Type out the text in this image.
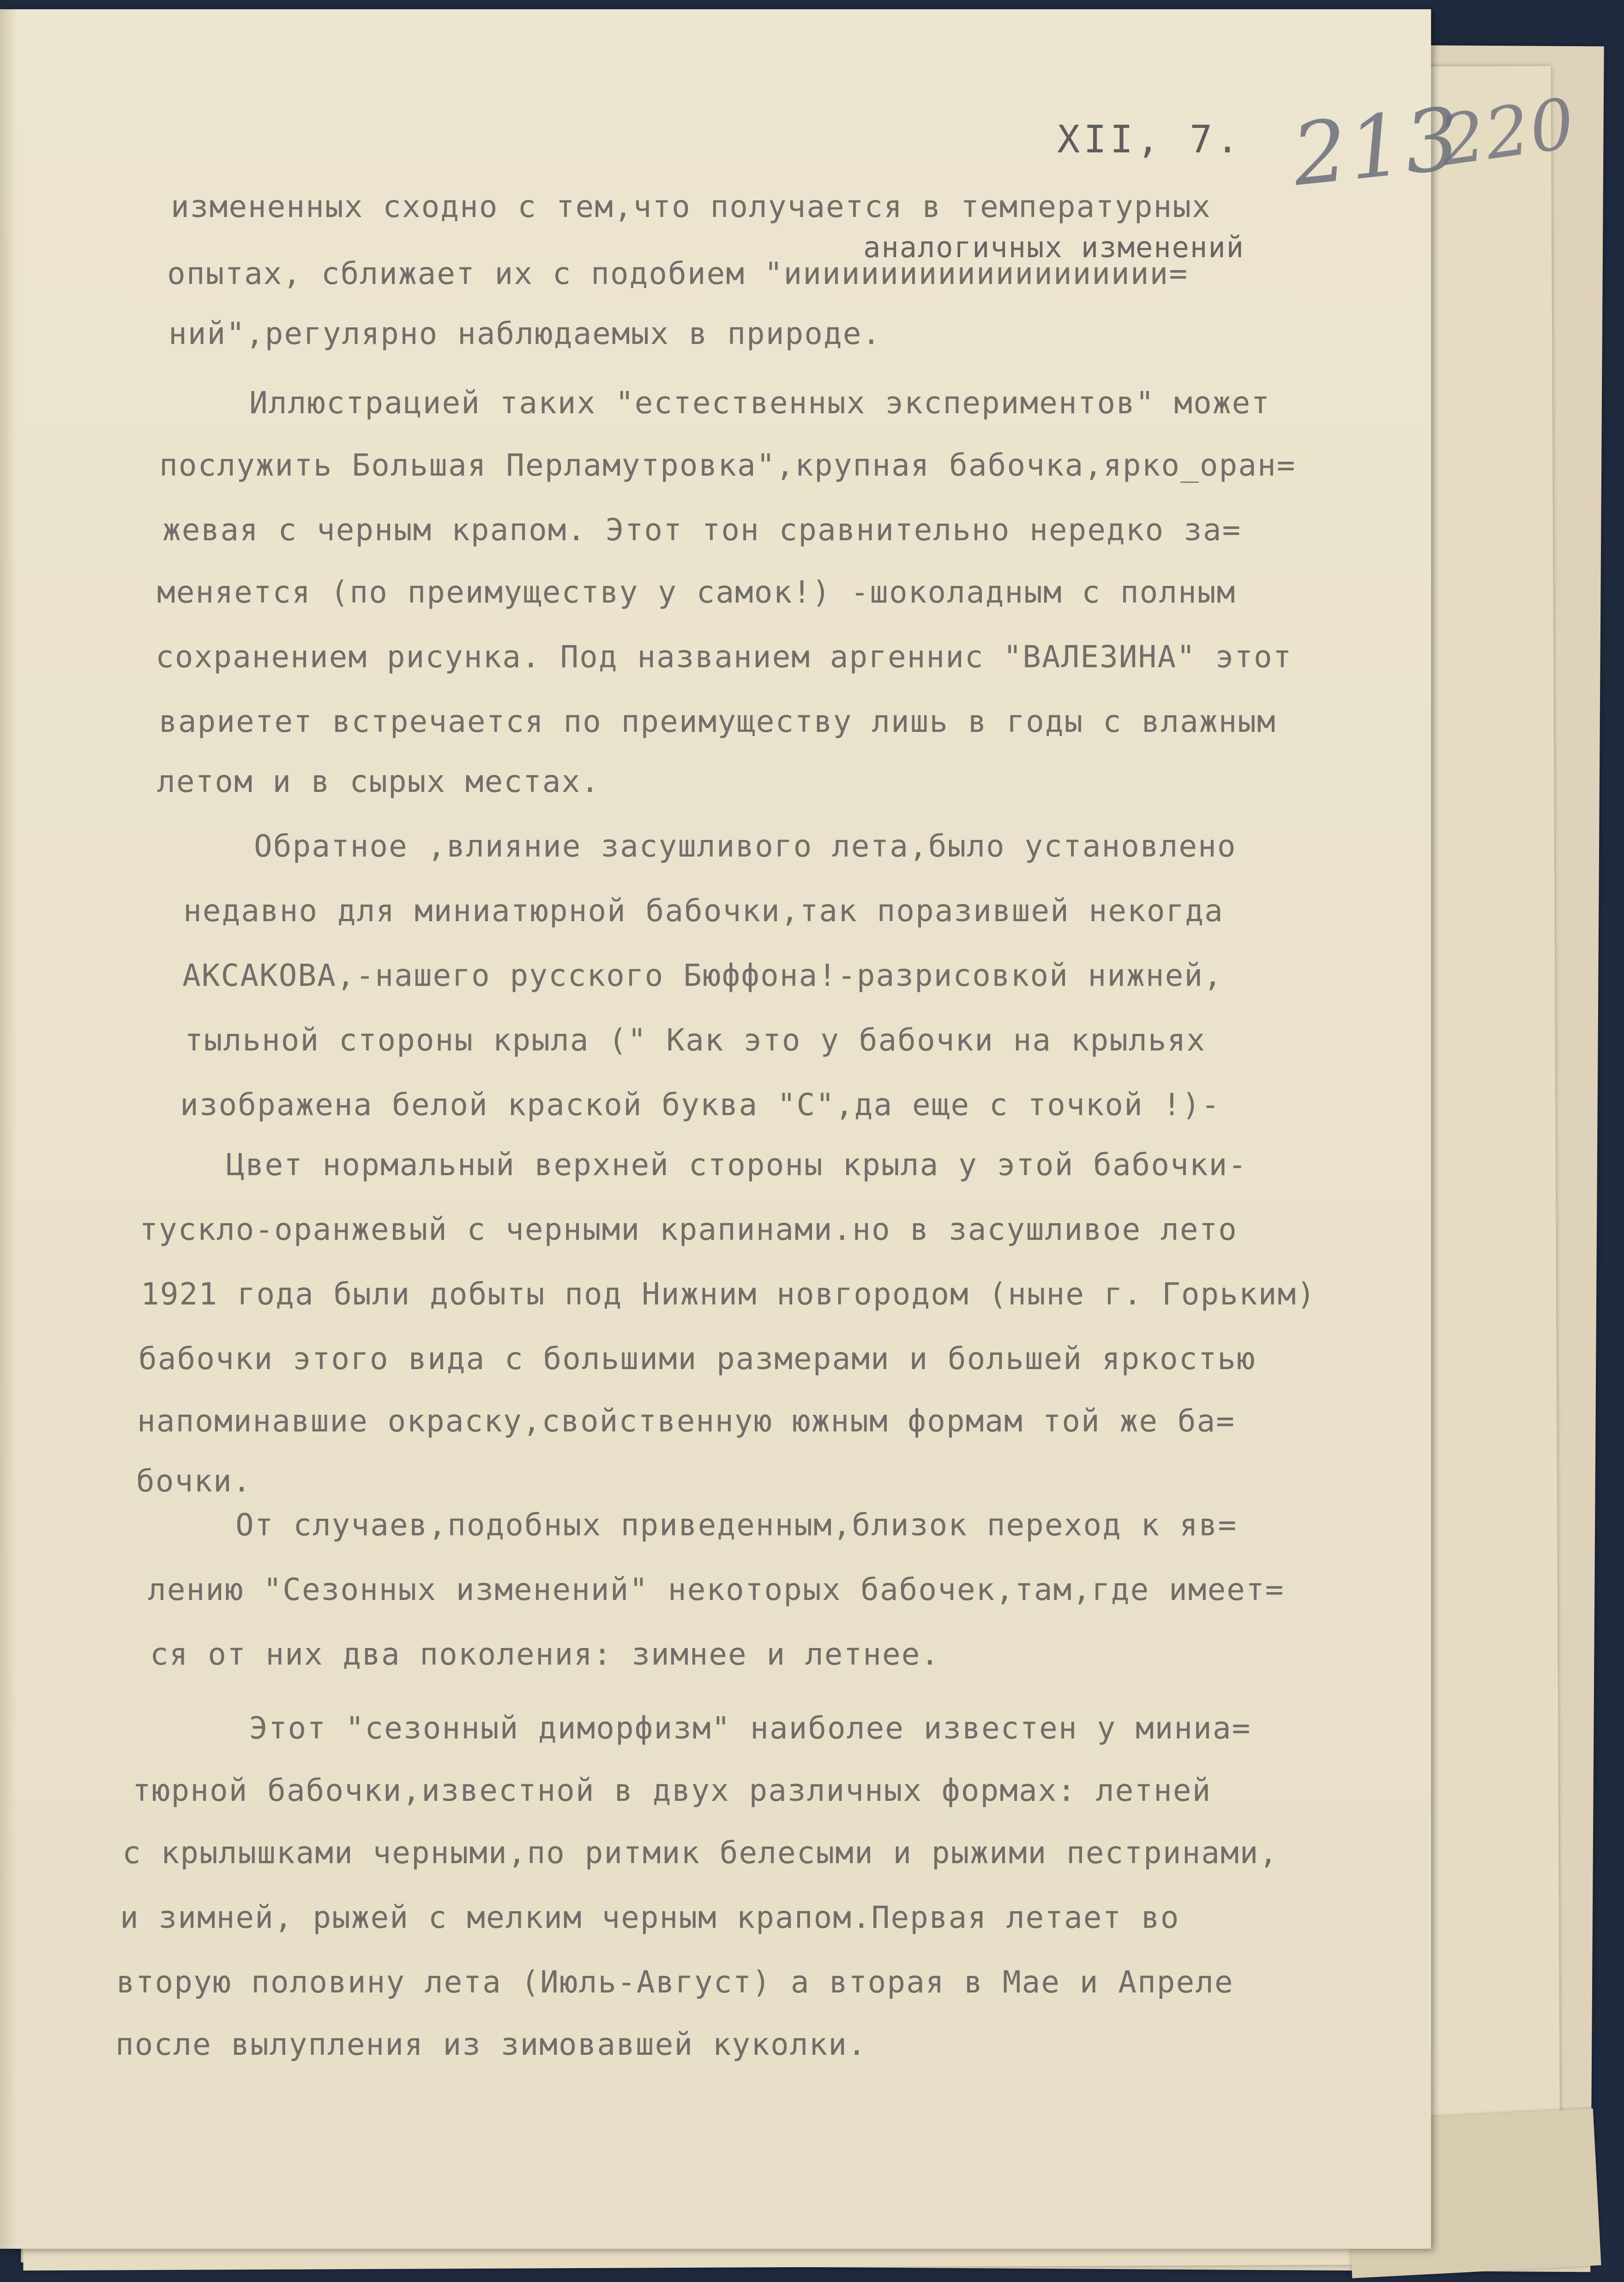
XII, 7. 213
220
измененных сходно с тем,что получается в температурных
аналогичных изменений
опытах, сближает их с подобием "ииииииииииииииииииии=
ний",регулярно наблюдаемых в природе.
Иллюстрацией таких "естественных экспериментов" может
послужить Большая Перламутровка",крупная бабочка,ярко_оран=
жевая с черным крапом. Этот тон сравнительно нередко за=
меняется (по преимуществу у самок!) -шоколадным с полным
сохранением рисунка. Под названием аргеннис "ВАЛЕЗИНА" этот
вариетет встречается по преимуществу лишь в годы с влажным
летом и в сырых местах.
Обратное ,влияние засушливого лета,было установлено
недавно для миниатюрной бабочки,так поразившей некогда
АКСАКОВА,-нашего русского Бюффона!-разрисовкой нижней,
тыльной стороны крыла (" Как это у бабочки на крыльях
изображена белой краской буква "С",да еще с точкой !)-
Цвет нормальный верхней стороны крыла у этой бабочки-
тускло-оранжевый с черными крапинами.но в засушливое лето
1921 года были добыты под Нижним новгородом (ныне г. Горьким)
бабочки этого вида с большими размерами и большей яркостью
напоминавшие окраску,свойственную южным формам той же ба=
бочки.
От случаев,подобных приведенным,близок переход к яв=
лению "Сезонных изменений" некоторых бабочек,там,где имеет=
ся от них два поколения: зимнее и летнее.
Этот "сезонный диморфизм" наиболее известен у миниа=
тюрной бабочки,известной в двух различных формах: летней
с крылышками черными,по ритмик белесыми и рыжими пестринами,
и зимней, рыжей с мелким черным крапом.Первая летает во
вторую половину лета (Июль-Август) а вторая в Мае и Апреле
после вылупления из зимовавшей куколки.
